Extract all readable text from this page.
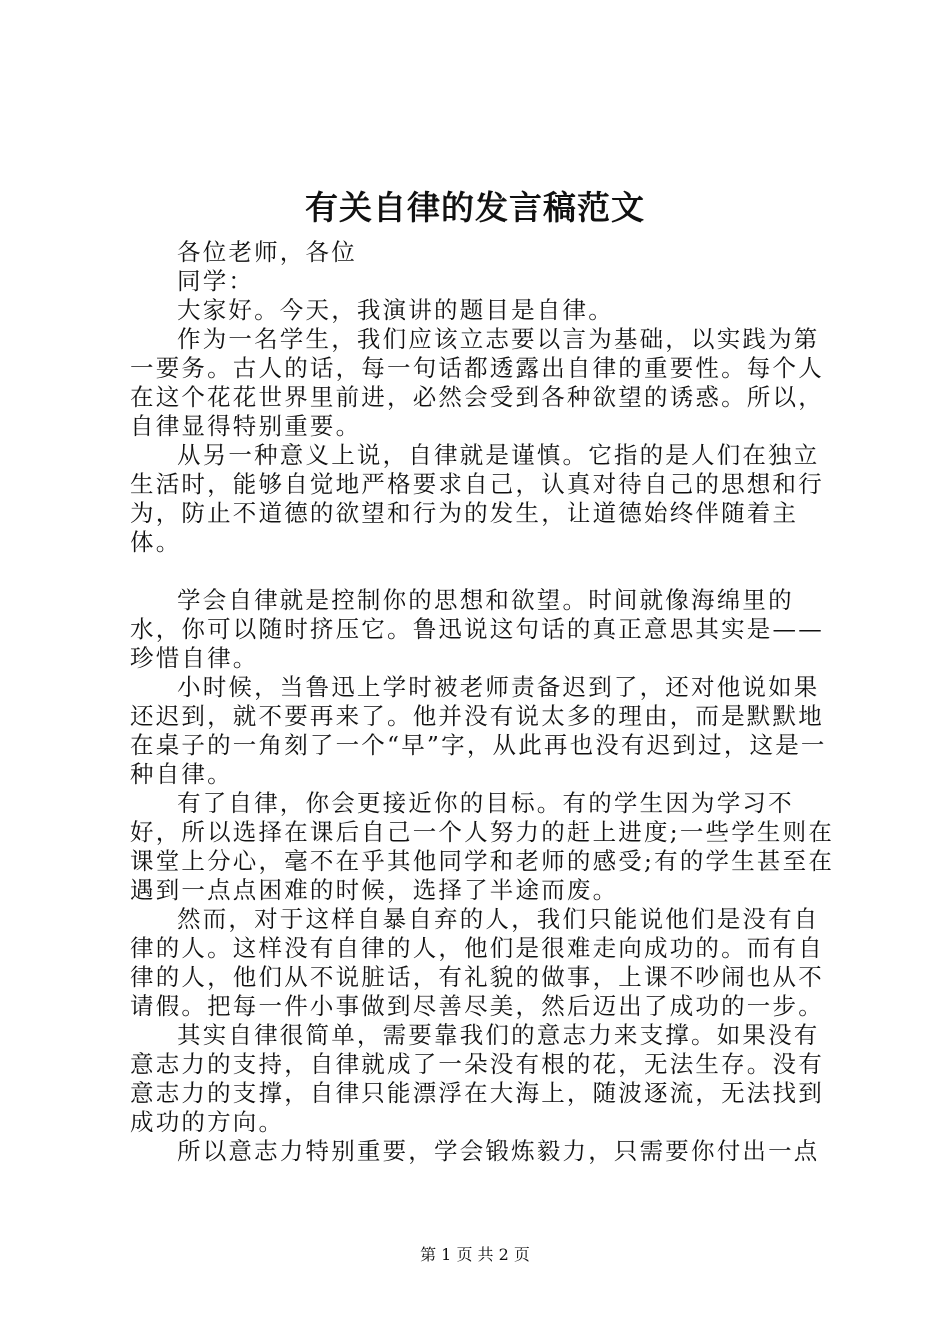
有关自律的发言稿范文

各位老师，各位

同学：

大家好。今天，我演讲的题目是自律。

作为一名学生，我们应该立志要以言为基础，以实践为第一要务。古人的话，每一句话都透露出自律的重要性。每个人在这个花花世界里前进，必然会受到各种欲望的诱惑。所以，自律显得特别重要。

从另一种意义上说，自律就是谨慎。它指的是人们在独立生活时，能够自觉地严格要求自己，认真对待自己的思想和行为，防止不道德的欲望和行为的发生，让道德始终伴随着主体。

学会自律就是控制你的思想和欲望。时间就像海绵里的水，你可以随时挤压它。鲁迅说这句话的真正意思其实是——珍惜自律。

小时候，当鲁迅上学时被老师责备迟到了，还对他说如果还迟到，就不要再来了。他并没有说太多的理由，而是默默地在桌子的一角刻了一个“早”字，从此再也没有迟到过，这是一种自律。

有了自律，你会更接近你的目标。有的学生因为学习不好，所以选择在课后自己一个人努力的赶上进度;一些学生则在课堂上分心，毫不在乎其他同学和老师的感受;有的学生甚至在遇到一点点困难的时候，选择了半途而废。

然而，对于这样自暴自弃的人，我们只能说他们是没有自律的人。这样没有自律的人，他们是很难走向成功的。而有自律的人，他们从不说脏话，有礼貌的做事，上课不吵闹也从不请假。把每一件小事做到尽善尽美，然后迈出了成功的一步。

其实自律很简单，需要靠我们的意志力来支撑。如果没有意志力的支持，自律就成了一朵没有根的花，无法生存。没有意志力的支撑，自律只能漂浮在大海上，随波逐流，无法找到成功的方向。

所以意志力特别重要，学会锻炼毅力，只需要你付出一点

第 1 页 共 2 页
